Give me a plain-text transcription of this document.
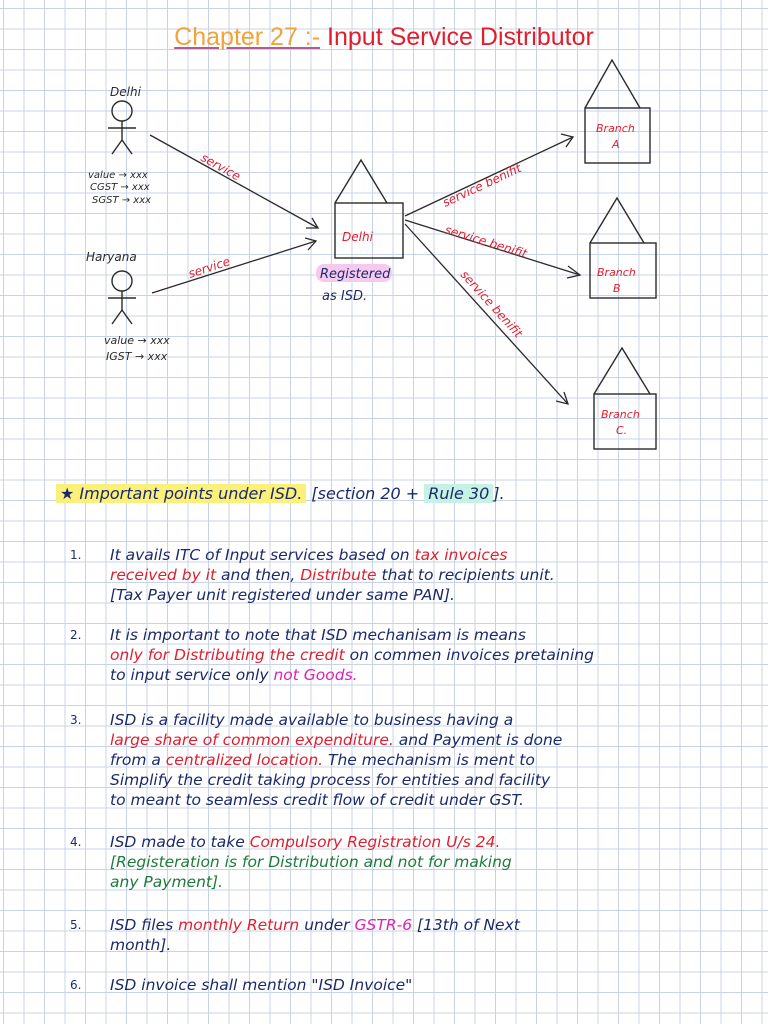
Chapter 27 :- Input Service Distributor
Delhi
value → xxx
CGST → xxx
SGST → xxx
Haryana
value → xxx
IGST → xxx
Delhi
Registered
as ISD.
service
service
service benifit
service benifit
service benifit
Branch
A
Branch
B
Branch
C.
★ Important points under ISD. [section 20 + Rule 30 ].
1. It avails ITC of Input services based on tax invoices
received by it and then, Distribute that to recipients unit.
[Tax Payer unit registered under same PAN].
2. It is important to note that ISD mechanisam is means
only for Distributing the credit on commen invoices pretaining
to input service only not Goods.
3. ISD is a facility made available to business having a
large share of common expenditure. and Payment is done
from a centralized location. The mechanism is ment to
Simplify the credit taking process for entities and facility
to meant to seamless credit flow of credit under GST.
4. ISD made to take Compulsory Registration U/s 24.
[Registeration is for Distribution and not for making
any Payment].
5. ISD files monthly Return under GSTR-6 [13th of Next
month].
6. ISD invoice shall mention "ISD Invoice"
